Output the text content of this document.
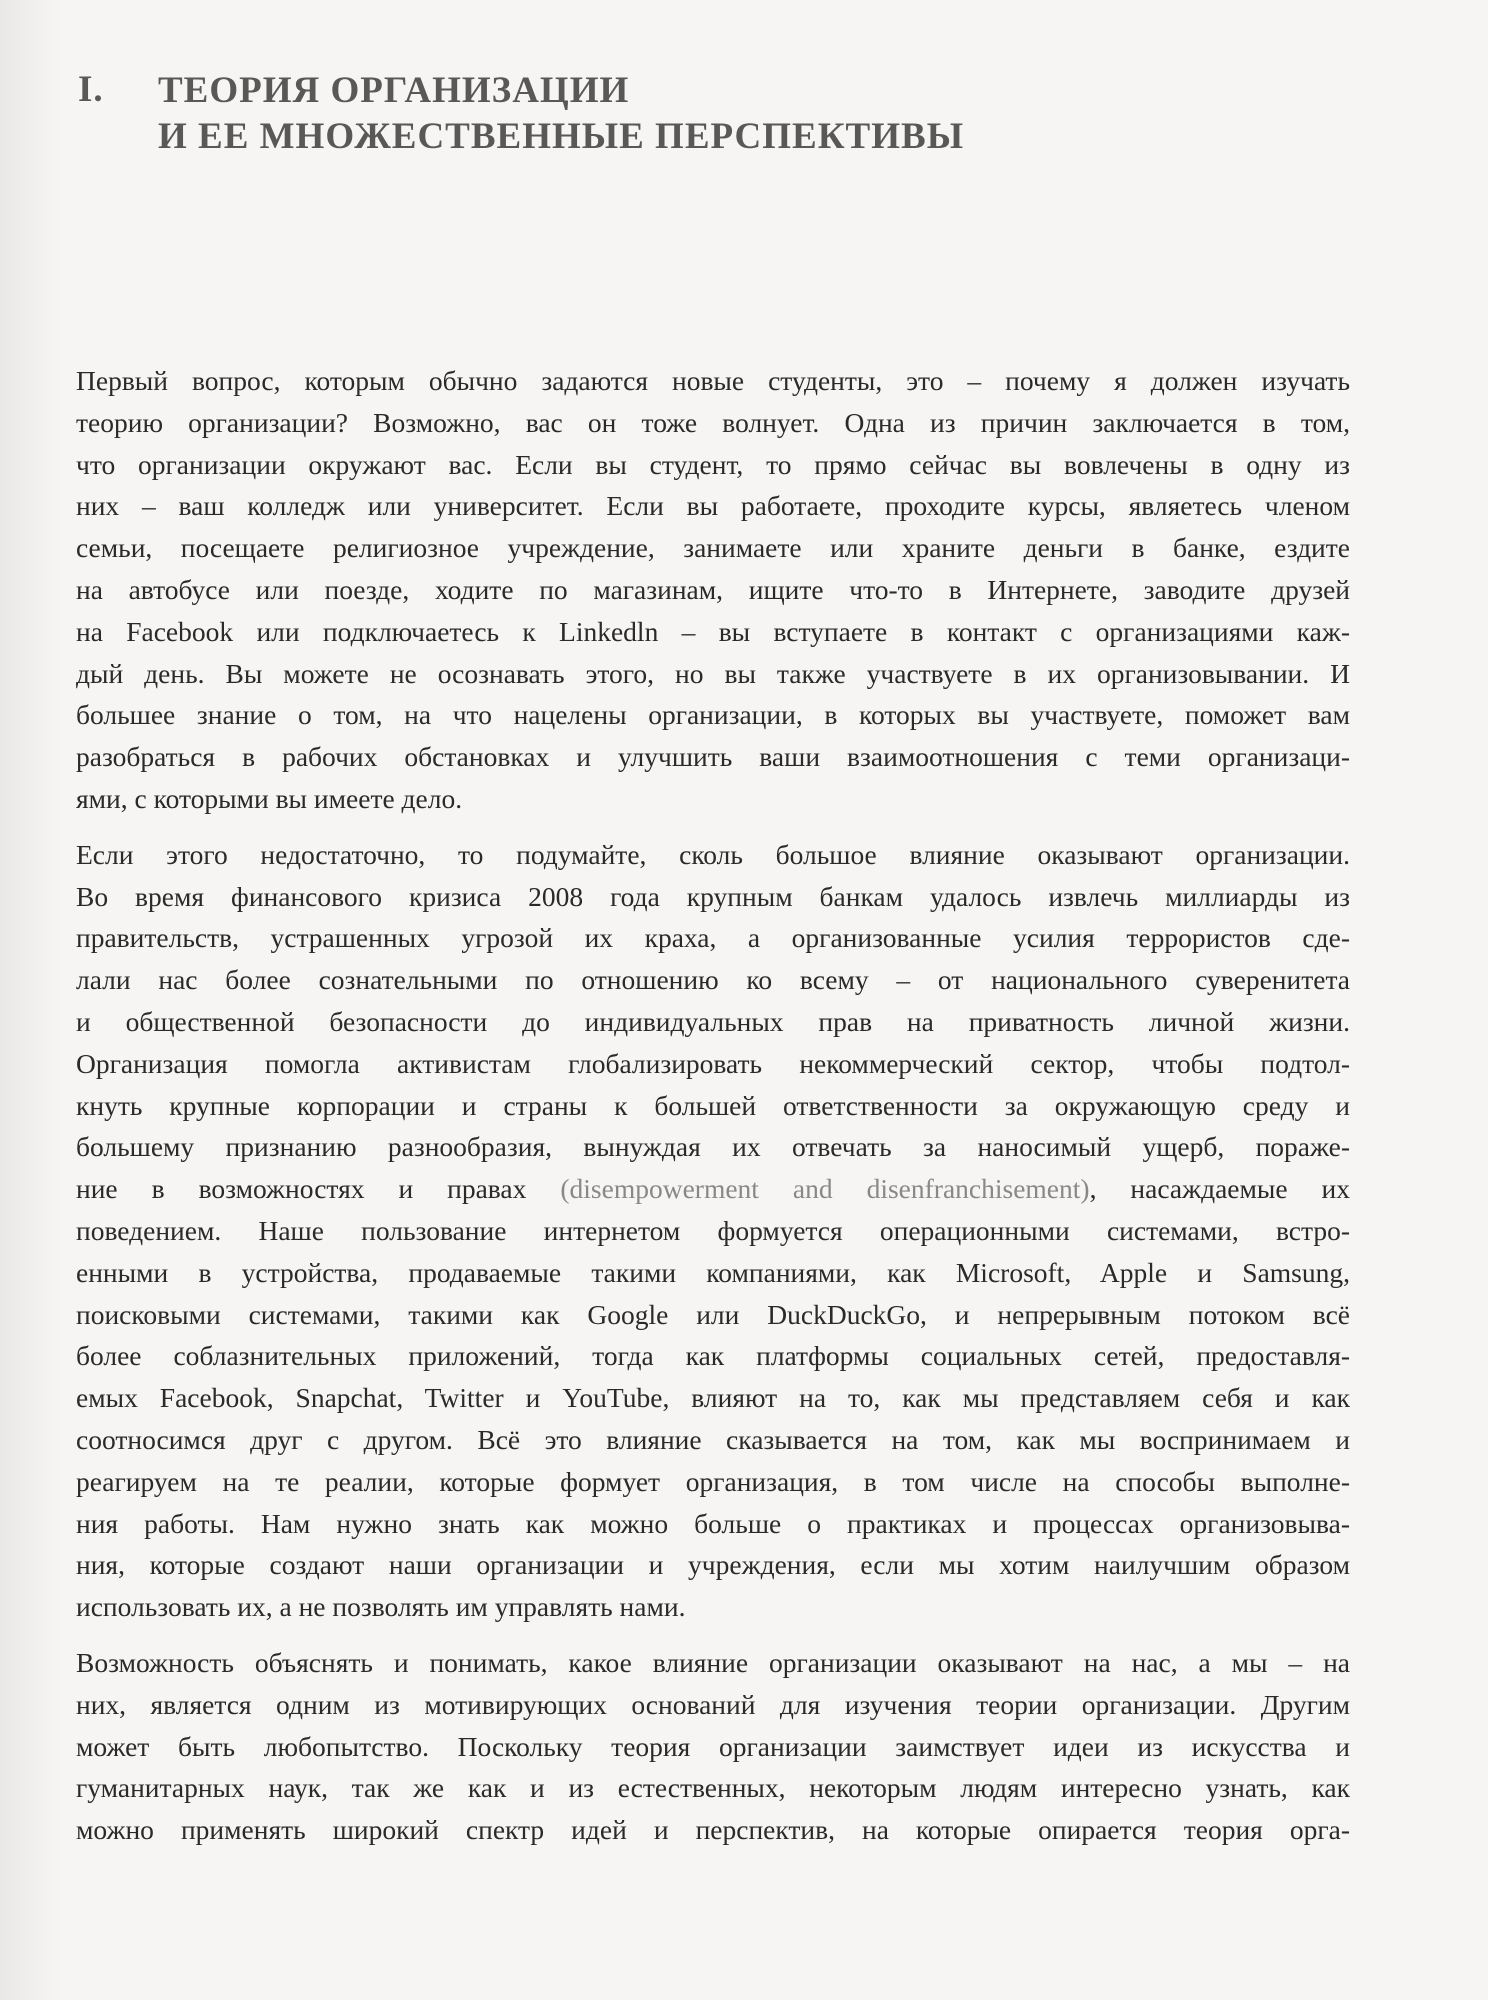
I. ТЕОРИЯ ОРГАНИЗАЦИИ
И ЕЕ МНОЖЕСТВЕННЫЕ ПЕРСПЕКТИВЫ
Первый вопрос, которым обычно задаются новые студенты, это – почему я должен изучать
теорию организации? Возможно, вас он тоже волнует. Одна из причин заключается в том,
что организации окружают вас. Если вы студент, то прямо сейчас вы вовлечены в одну из
них – ваш колледж или университет. Если вы работаете, проходите курсы, являетесь членом
семьи, посещаете религиозное учреждение, занимаете или храните деньги в банке, ездите
на автобусе или поезде, ходите по магазинам, ищите что-то в Интернете, заводите друзей
на Facebook или подключаетесь к Linkedln – вы вступаете в контакт с организациями каж-
дый день. Вы можете не осознавать этого, но вы также участвуете в их организовывании. И
большее знание о том, на что нацелены организации, в которых вы участвуете, поможет вам
разобраться в рабочих обстановках и улучшить ваши взаимоотношения с теми организаци-
ями, с которыми вы имеете дело.
Если этого недостаточно, то подумайте, сколь большое влияние оказывают организации.
Во время финансового кризиса 2008 года крупным банкам удалось извлечь миллиарды из
правительств, устрашенных угрозой их краха, а организованные усилия террористов сде-
лали нас более сознательными по отношению ко всему – от национального суверенитета
и общественной безопасности до индивидуальных прав на приватность личной жизни.
Организация помогла активистам глобализировать некоммерческий сектор, чтобы подтол-
кнуть крупные корпорации и страны к большей ответственности за окружающую среду и
большему признанию разнообразия, вынуждая их отвечать за наносимый ущерб, пораже-
ние в возможностях и правах (disempowerment and disenfranchisement), насаждаемые их
поведением. Наше пользование интернетом формуется операционными системами, встро-
енными в устройства, продаваемые такими компаниями, как Microsoft, Apple и Samsung,
поисковыми системами, такими как Google или DuckDuckGo, и непрерывным потоком всё
более соблазнительных приложений, тогда как платформы социальных сетей, предоставля-
емых Facebook, Snapchat, Twitter и YouTube, влияют на то, как мы представляем себя и как
соотносимся друг с другом. Всё это влияние сказывается на том, как мы воспринимаем и
реагируем на те реалии, которые формует организация, в том числе на способы выполне-
ния работы. Нам нужно знать как можно больше о практиках и процессах организовыва-
ния, которые создают наши организации и учреждения, если мы хотим наилучшим образом
использовать их, а не позволять им управлять нами.
Возможность объяснять и понимать, какое влияние организации оказывают на нас, а мы – на
них, является одним из мотивирующих оснований для изучения теории организации. Другим
может быть любопытство. Поскольку теория организации заимствует идеи из искусства и
гуманитарных наук, так же как и из естественных, некоторым людям интересно узнать, как
можно применять широкий спектр идей и перспектив, на которые опирается теория орга-
